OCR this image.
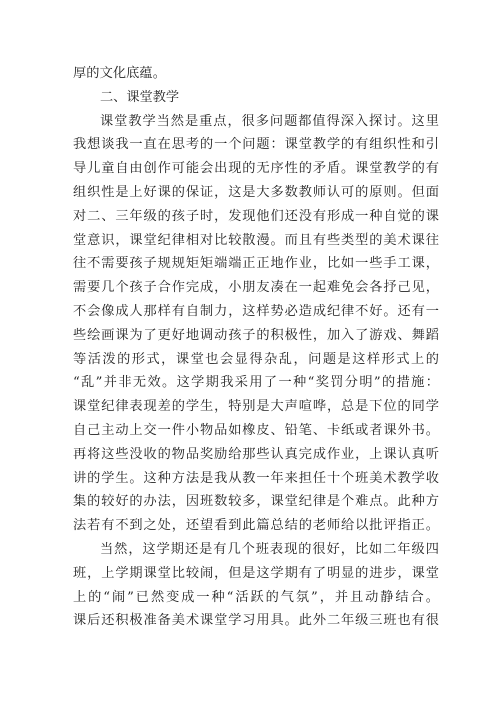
厚的文化底蕴。
二、课堂教学
课堂教学当然是重点，很多问题都值得深入探讨。这里
我想谈我一直在思考的一个问题：课堂教学的有组织性和引
导儿童自由创作可能会出现的无序性的矛盾。课堂教学的有
组织性是上好课的保证，这是大多数教师认可的原则。但面
对二、三年级的孩子时，发现他们还没有形成一种自觉的课
堂意识，课堂纪律相对比较散漫。而且有些类型的美术课往
往不需要孩子规规矩矩端端正正地作业，比如一些手工课，
需要几个孩子合作完成，小朋友凑在一起难免会各抒己见，
不会像成人那样有自制力，这样势必造成纪律不好。还有一
些绘画课为了更好地调动孩子的积极性，加入了游戏、舞蹈
等活泼的形式，课堂也会显得杂乱，问题是这样形式上的
“乱”并非无效。这学期我采用了一种“奖罚分明”的措施：
课堂纪律表现差的学生，特别是大声喧哗，总是下位的同学
自己主动上交一件小物品如橡皮、铅笔、卡纸或者课外书。
再将这些没收的物品奖励给那些认真完成作业，上课认真听
讲的学生。这种方法是我从教一年来担任十个班美术教学收
集的较好的办法，因班数较多，课堂纪律是个难点。此种方
法若有不到之处，还望看到此篇总结的老师给以批评指正。
当然，这学期还是有几个班表现的很好，比如二年级四
班，上学期课堂比较闹，但是这学期有了明显的进步，课堂
上的“闹”已然变成一种“活跃的气氛”，并且动静结合。
课后还积极准备美术课堂学习用具。此外二年级三班也有很
